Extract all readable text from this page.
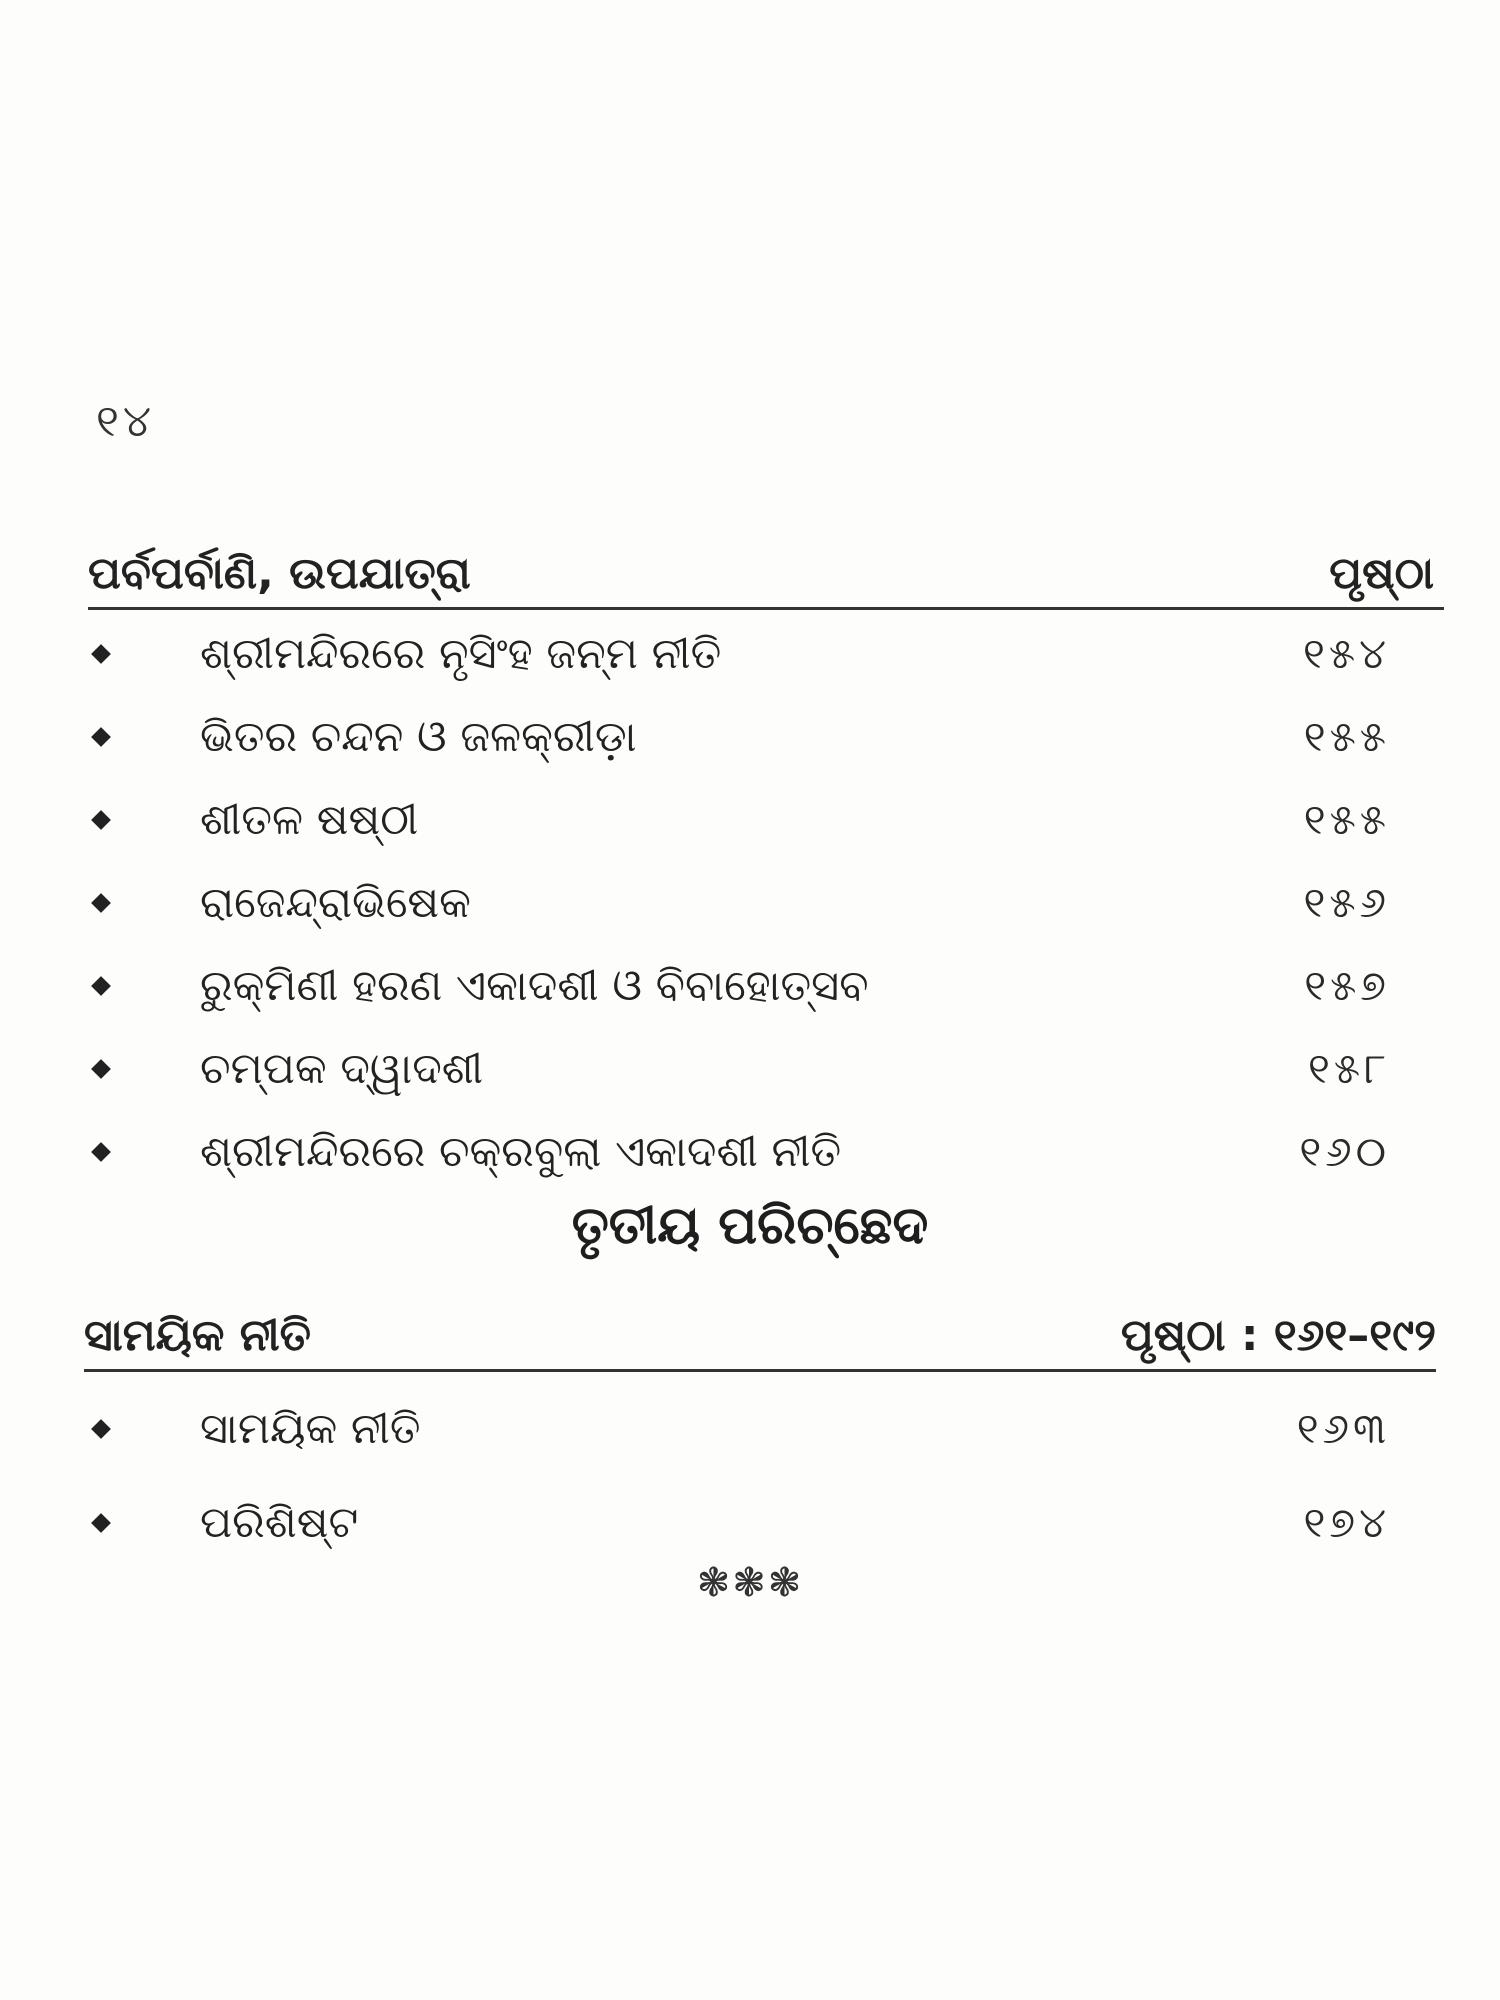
୧୪
ପର୍ବପର୍ବାଣି, ଉପଯାତ୍ରା	ପୃଷ୍ଠା
ଶ୍ରୀମନ୍ଦିରରେ ନୃସିଂହ ଜନ୍ମ ନୀତି	୧୫୪
ଭିତର ଚନ୍ଦନ ଓ ଜଳକ୍ରୀଡ଼ା	୧୫୫
ଶୀତଳ ଷଷ୍ଠୀ	୧୫୫
ରାଜେନ୍ଦ୍ରାଭିଷେକ	୧୫୬
ରୁକ୍ମିଣୀ ହରଣ ଏକାଦଶୀ ଓ ବିବାହୋତ୍ସବ	୧୫୭
ଚମ୍ପକ ଦ୍ୱାଦଶୀ	୧୫୮
ଶ୍ରୀମନ୍ଦିରରେ ଚକ୍ରବୁଲା ଏକାଦଶୀ ନୀତି	୧୬୦
ତୃତୀୟ ପରିଚ୍ଛେଦ
ସାମୟିକ ନୀତି	ପୃଷ୍ଠା : ୧୬୧–୧୯୨
ସାମୟିକ ନୀତି	୧୬୩
ପରିଶିଷ୍ଟ	୧୭୪
❃❃❃
